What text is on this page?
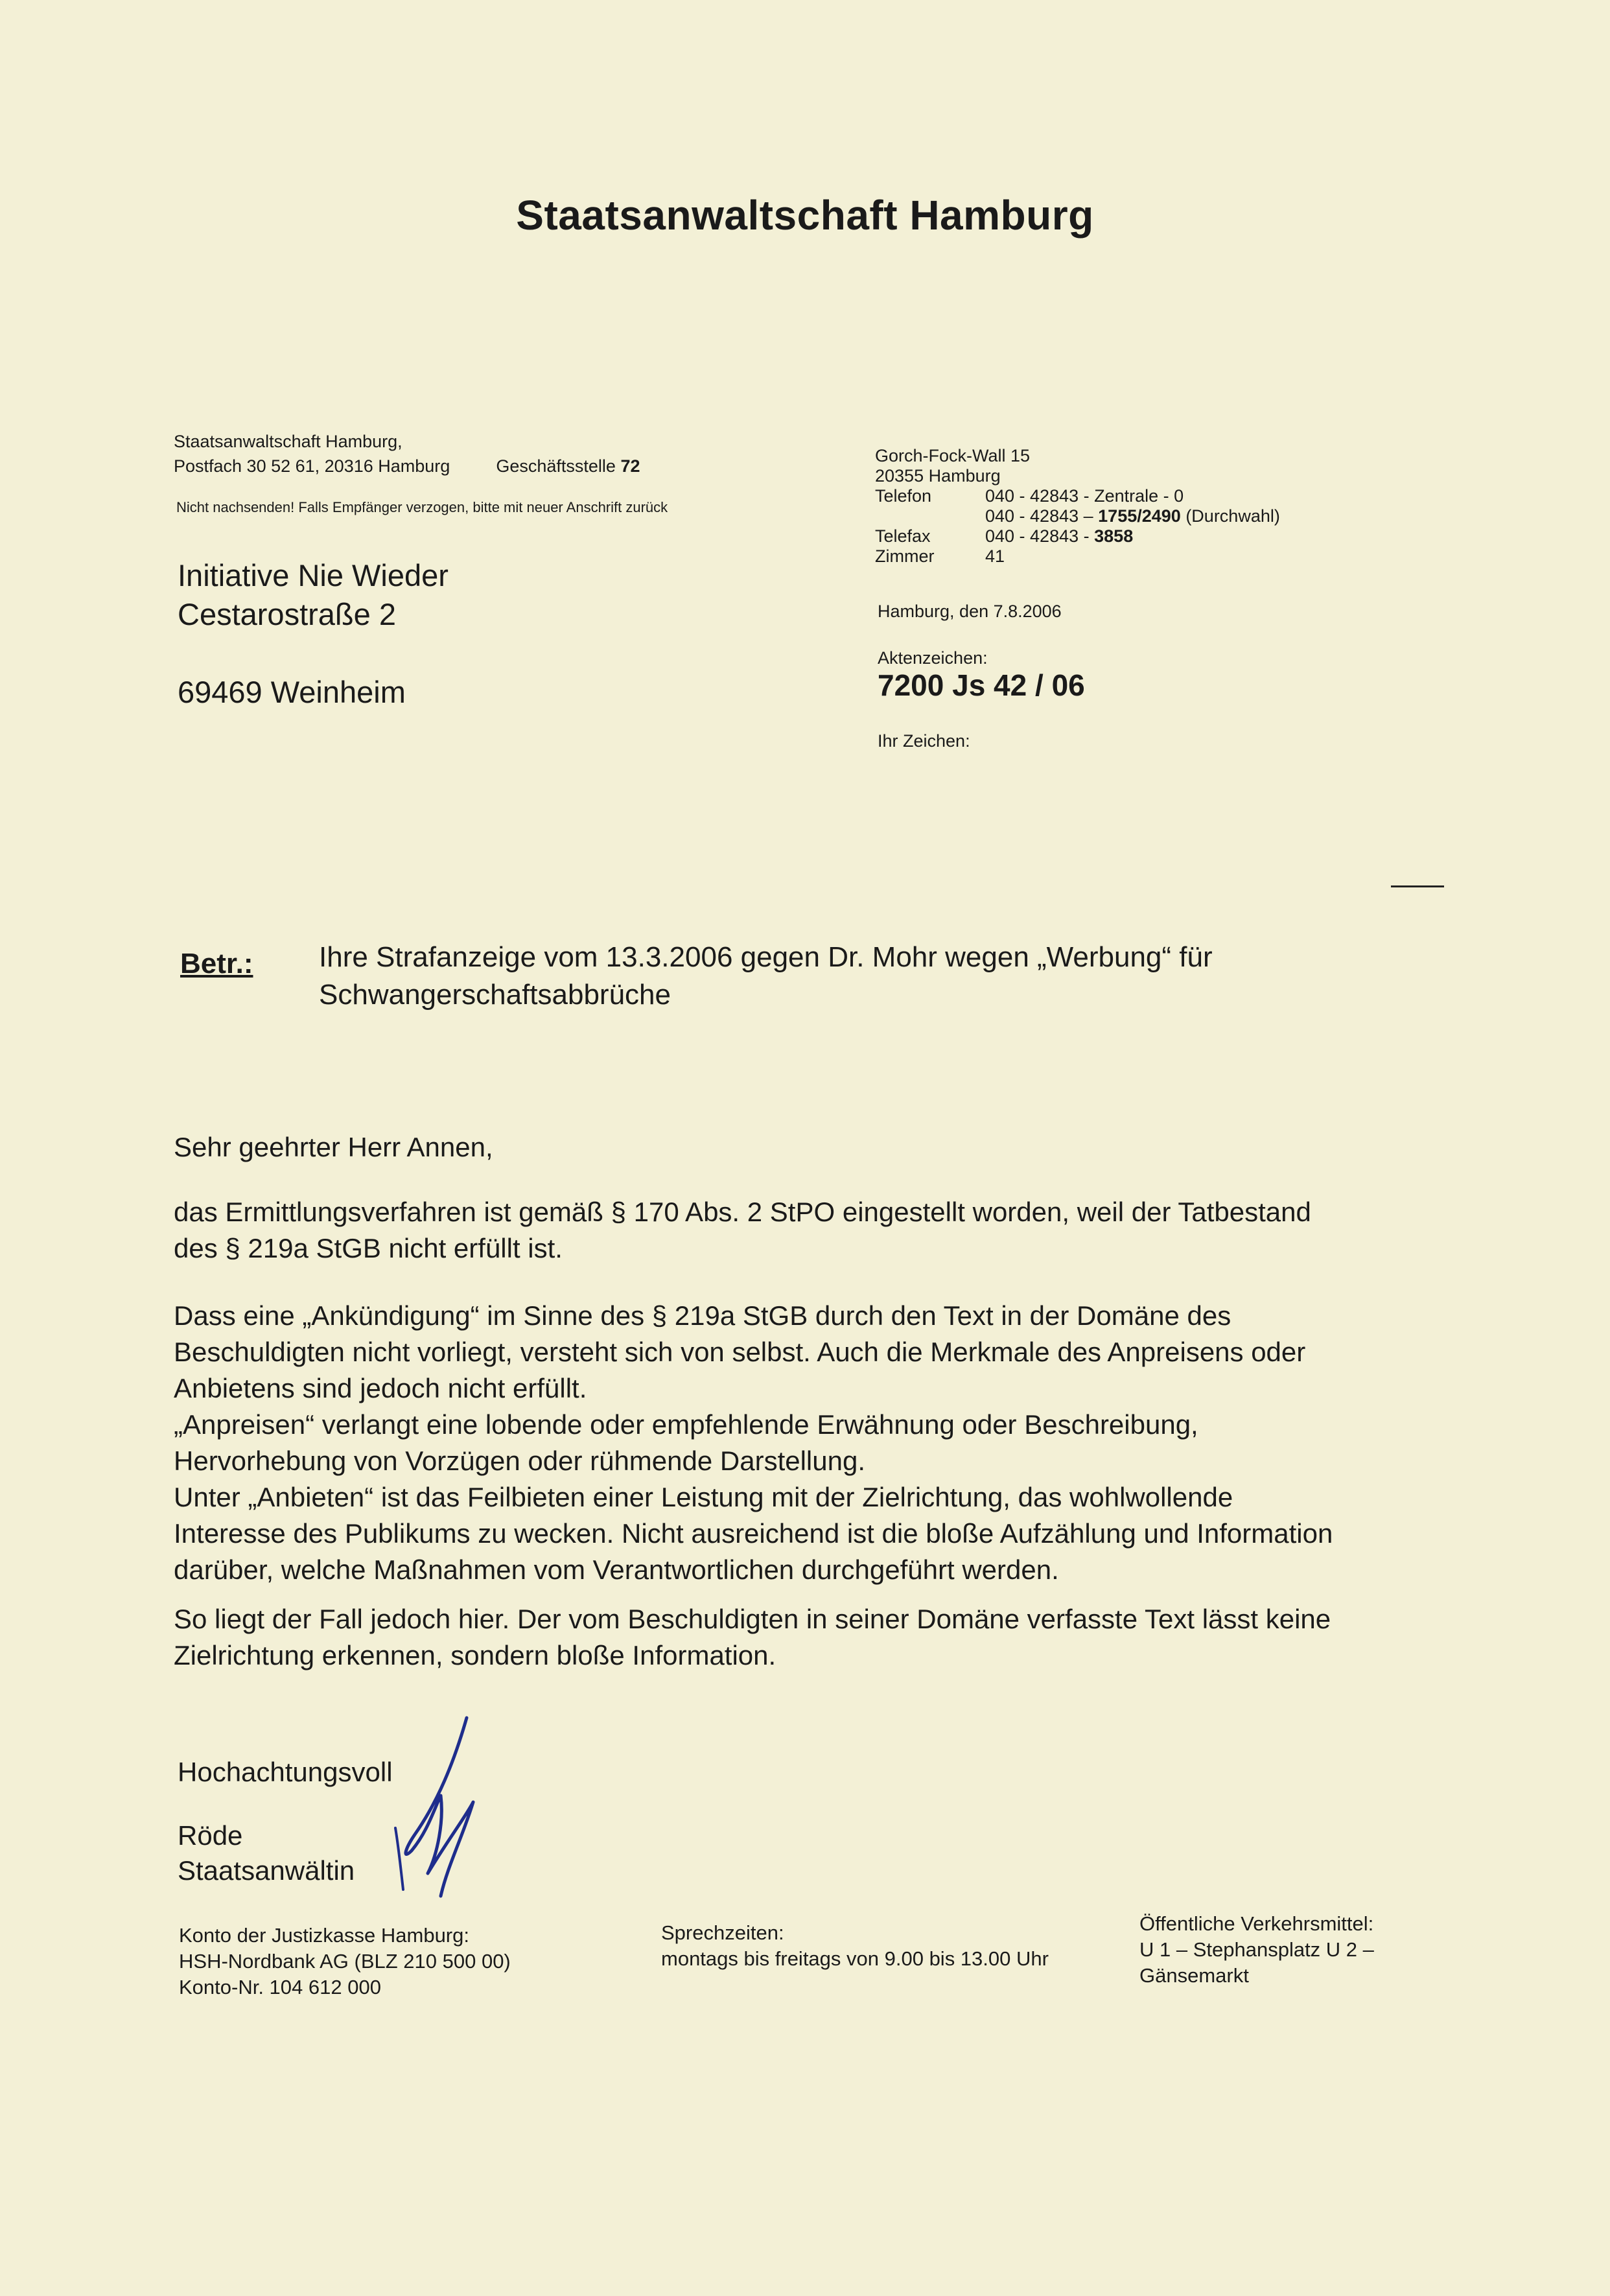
Staatsanwaltschaft Hamburg
Staatsanwaltschaft Hamburg,
Postfach 30 52 61, 20316 Hamburg	Geschäftsstelle 72
Nicht nachsenden! Falls Empfänger verzogen, bitte mit neuer Anschrift zurück
Initiative Nie Wieder
Cestarostraße 2
69469 Weinheim
Gorch-Fock-Wall 15
20355 Hamburg
Telefon	040 - 42843 - Zentrale - 0
040 - 42843 – 1755/2490 (Durchwahl)
Telefax	040 - 42843 - 3858
Zimmer	41
Hamburg, den 7.8.2006
Aktenzeichen:
7200 Js 42 / 06
Ihr Zeichen:
Betr.: Ihre Strafanzeige vom 13.3.2006 gegen Dr. Mohr wegen „Werbung“ für
Schwangerschaftsabbrüche
Sehr geehrter Herr Annen,
das Ermittlungsverfahren ist gemäß § 170 Abs. 2 StPO eingestellt worden, weil der Tatbestand
des § 219a StGB nicht erfüllt ist.
Dass eine „Ankündigung“ im Sinne des § 219a StGB durch den Text in der Domäne des
Beschuldigten nicht vorliegt, versteht sich von selbst. Auch die Merkmale des Anpreisens oder
Anbietens sind jedoch nicht erfüllt.
„Anpreisen“ verlangt eine lobende oder empfehlende Erwähnung oder Beschreibung,
Hervorhebung von Vorzügen oder rühmende Darstellung.
Unter „Anbieten“ ist das Feilbieten einer Leistung mit der Zielrichtung, das wohlwollende
Interesse des Publikums zu wecken. Nicht ausreichend ist die bloße Aufzählung und Information
darüber, welche Maßnahmen vom Verantwortlichen durchgeführt werden.
So liegt der Fall jedoch hier. Der vom Beschuldigten in seiner Domäne verfasste Text lässt keine
Zielrichtung erkennen, sondern bloße Information.
Hochachtungsvoll
Röde
Staatsanwältin
Konto der Justizkasse Hamburg:
HSH-Nordbank AG (BLZ 210 500 00)
Konto-Nr. 104 612 000
Sprechzeiten:
montags bis freitags von 9.00 bis 13.00 Uhr
Öffentliche Verkehrsmittel:
U 1 – Stephansplatz U 2 –
Gänsemarkt
